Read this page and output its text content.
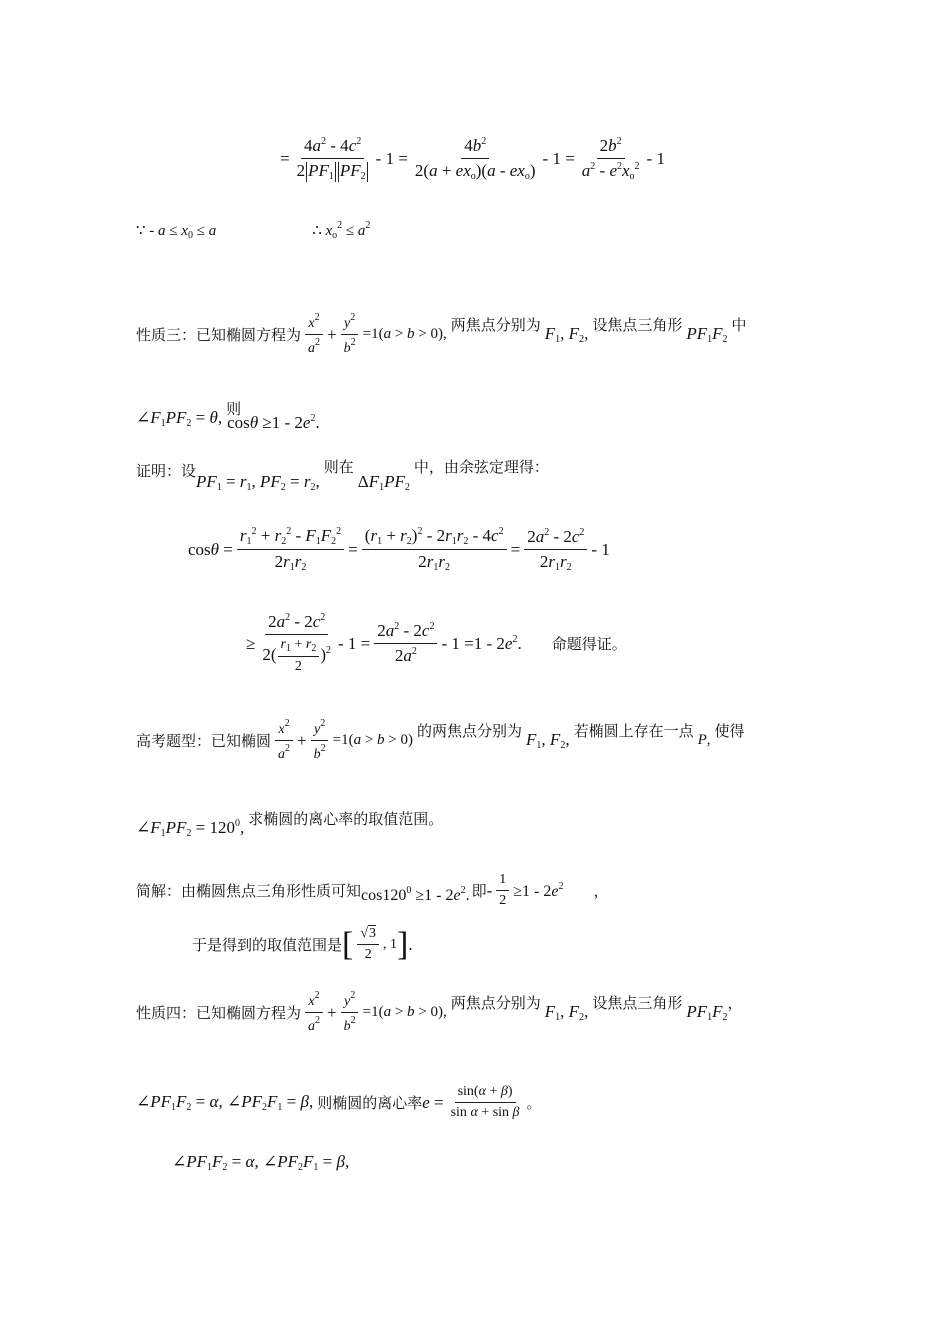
= $\frac{4a^2 - 4c^2}{2 PF_1 PF_2} - 1 = \frac{4b^2}{2(a + ex_o)(a - ex_o)} - 1 = \frac{2b^2}{a^2 - e^2x_o^2} - 1$
∵ - $a \le x_0 \le a$	∴ $x_o^2 \le a^2$
性质三：已知椭圆方程为 $\frac{x^2}{a^2} + \frac{y^2}{b^2} =1(a > b > 0)$, 两焦点分别为 $F_1$, $F_2$, 设焦点三角形 $PF_1F_2$
中
$\angle F_1PF_2 = \theta$, 则
$\cos\theta \ge 1 - 2e^2$.
证明：设
$PF_1 = r_1$, $PF_2 = r_2$,
则在
$\Delta F_1PF_2$
中，由余弦定理得：
$\cos\theta = \frac{r_1^2 + r_2^2 - F_1F_2^2}{2r_1r_2} = \frac{(r_1 + r_2)^2 - 2r_1r_2 - 4c^2}{2r_1r_2} = \frac{2a^2 - 2c^2}{2r_1r_2} - 1$
≥ $\frac{2a^2 - 2c^2}{2( \frac{r_1 + r_2}{2} )^2} - 1 = \frac{2a^2 - 2c^2}{2a^2} - 1 =1 - 2e^2$. 命题得证。
高考题型：已知椭圆 $\frac{x^2}{a^2} + \frac{y^2}{b^2} =1(a > b > 0)$ 的两焦点分别为 $F_1$, $F_2$, 若椭圆上存在一点 P, 使得
$\angle F_1PF_2 = 120^0$, 求椭圆的离心率的取值范围。
简解：由椭圆焦点三角形性质可知 $\cos 120^0 \ge 1 - 2e^2$. 即 - $\frac{1}{2} \ge 1 - 2e^2$ ，
于是得到的取值范围是 [ $\frac{√3}{2}$ , 1 ] .
性质四：已知椭圆方程为 $\frac{x^2}{a^2} + \frac{y^2}{b^2} =1(a > b > 0)$, 两焦点分别为 $F_1$, $F_2$, 设焦点三角形 $PF_1F_2$
，
$\angle PF_1F_2 = \alpha$, $\angle PF_2F_1 = \beta$, 则椭圆的离心率 $e = \frac{\sin(\alpha + \beta)}{\text{sin α + sin β}}$ 。
$\angle PF_1F_2 = \alpha$, $\angle PF_2F_1 = \beta$,
